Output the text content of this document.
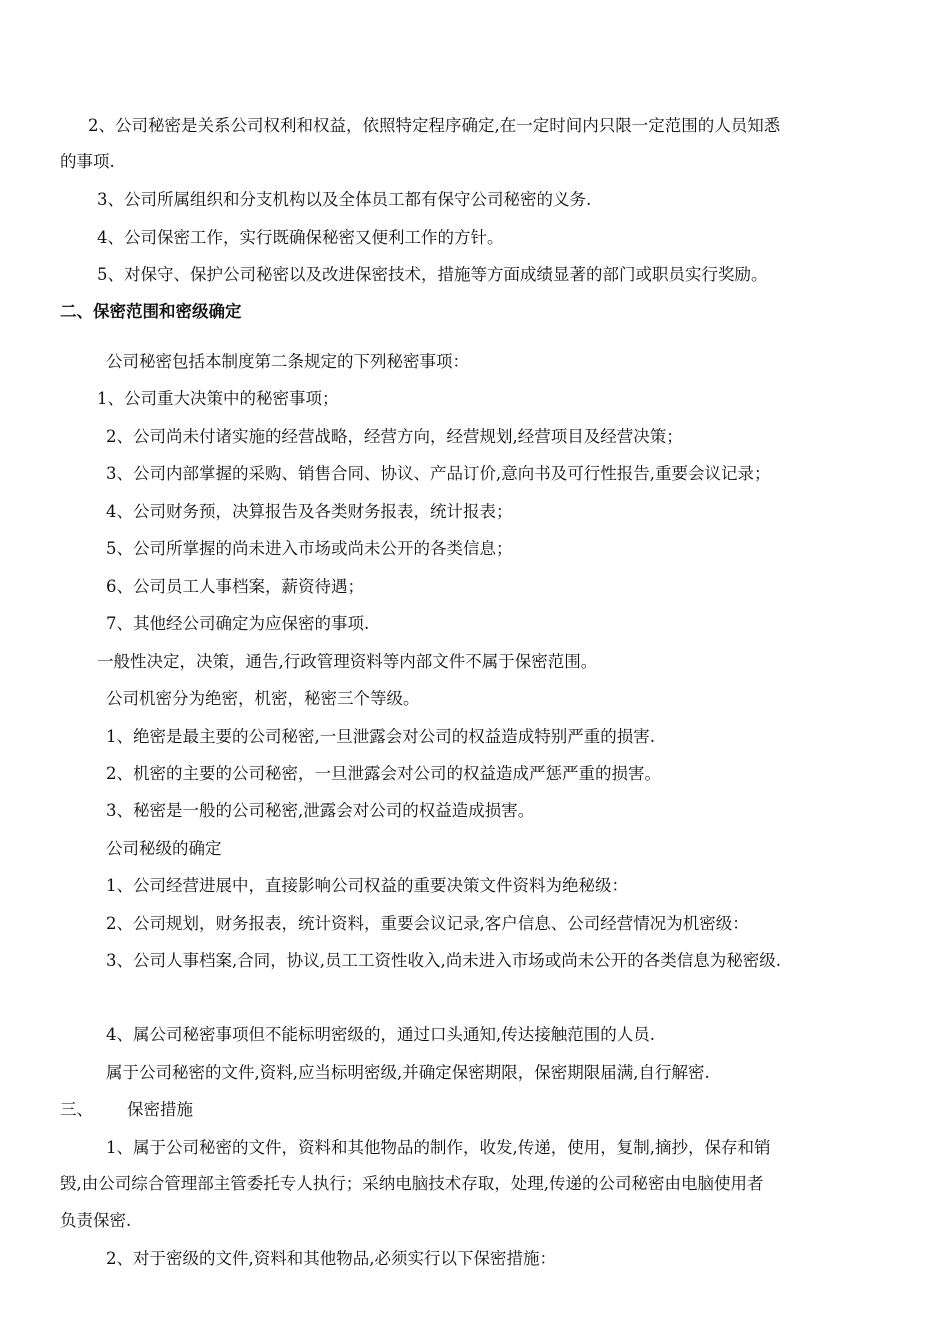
2、公司秘密是关系公司权利和权益，依照特定程序确定,在一定时间内只限一定范围的人员知悉
的事项.
3、公司所属组织和分支机构以及全体员工都有保守公司秘密的义务.
4、公司保密工作，实行既确保秘密又便利工作的方针。
5、对保守、保护公司秘密以及改进保密技术，措施等方面成绩显著的部门或职员实行奖励。
二、保密范围和密级确定
公司秘密包括本制度第二条规定的下列秘密事项：
1、公司重大决策中的秘密事项；
2、公司尚未付诸实施的经营战略，经营方向，经营规划,经营项目及经营决策；
3、公司内部掌握的采购、销售合同、协议、产品订价,意向书及可行性报告,重要会议记录；
4、公司财务预，决算报告及各类财务报表，统计报表；
5、公司所掌握的尚未进入市场或尚未公开的各类信息；
6、公司员工人事档案，薪资待遇；
7、其他经公司确定为应保密的事项.
一般性决定，决策，通告,行政管理资料等内部文件不属于保密范围。
公司机密分为绝密，机密，秘密三个等级。
1、绝密是最主要的公司秘密,一旦泄露会对公司的权益造成特别严重的损害.
2、机密的主要的公司秘密，一旦泄露会对公司的权益造成严惩严重的损害。
3、秘密是一般的公司秘密,泄露会对公司的权益造成损害。
公司秘级的确定
1、公司经营进展中，直接影响公司权益的重要决策文件资料为绝秘级：
2、公司规划，财务报表，统计资料，重要会议记录,客户信息、公司经营情况为机密级：
3、公司人事档案,合同，协议,员工工资性收入,尚未进入市场或尚未公开的各类信息为秘密级.
4、属公司秘密事项但不能标明密级的，通过口头通知,传达接触范围的人员.
属于公司秘密的文件,资料,应当标明密级,并确定保密期限，保密期限届满,自行解密.
三、 保密措施
1、属于公司秘密的文件，资料和其他物品的制作，收发,传递，使用，复制,摘抄，保存和销
毁,由公司综合管理部主管委托专人执行；采纳电脑技术存取，处理,传递的公司秘密由电脑使用者
负责保密.
2、对于密级的文件,资料和其他物品,必须实行以下保密措施：
